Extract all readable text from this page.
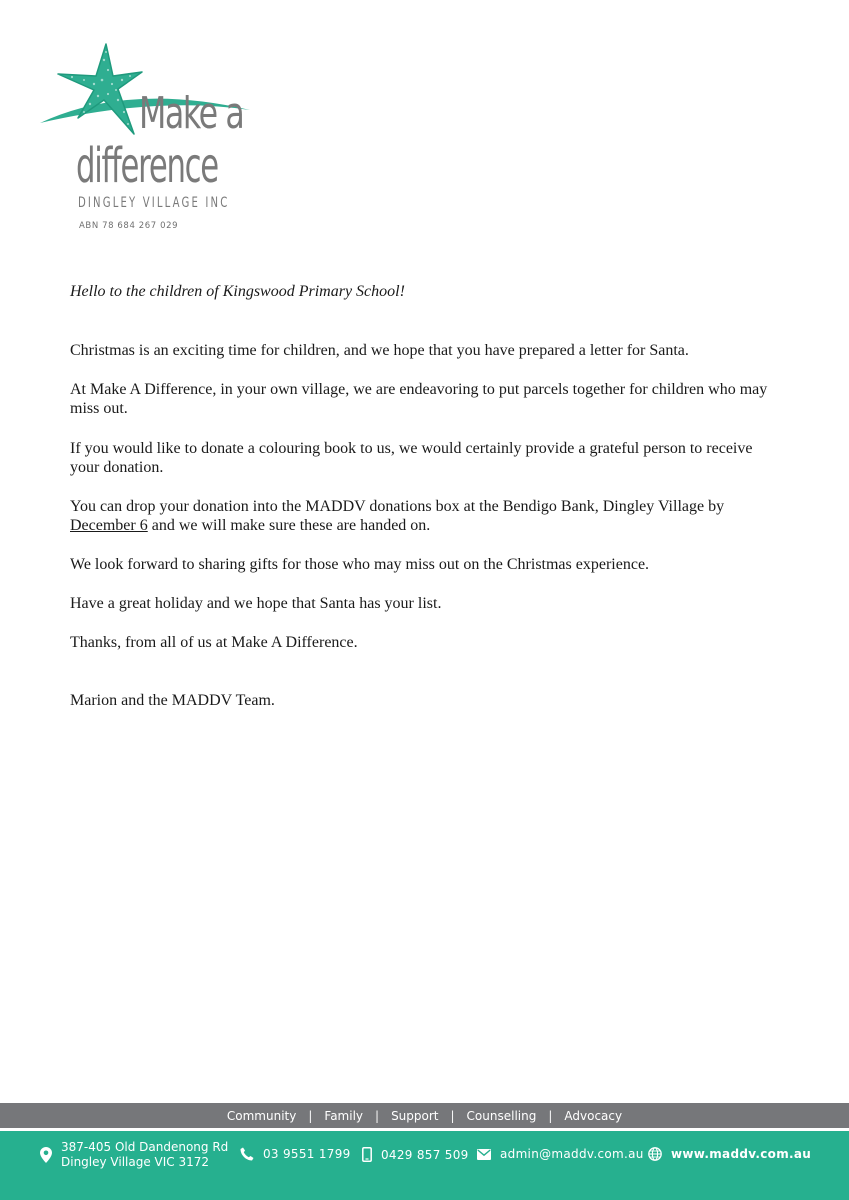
Make a
difference
DINGLEY VILLAGE INC
ABN 78 684 267 029

Hello to the children of Kingswood Primary School!

Christmas is an exciting time for children, and we hope that you have prepared a letter for Santa.

At Make A Difference, in your own village, we are endeavoring to put parcels together for children who may miss out.

If you would like to donate a colouring book to us, we would certainly provide a grateful person to receive your donation.

You can drop your donation into the MADDV donations box at the Bendigo Bank, Dingley Village by December 6 and we will make sure these are handed on.

We look forward to sharing gifts for those who may miss out on the Christmas experience.

Have a great holiday and we hope that Santa has your list.

Thanks, from all of us at Make A Difference.

Marion and the MADDV Team.

Community	|	Family	|	Support	|	Counselling	|	Advocacy
387-405 Old Dandenong Rd
Dingley Village VIC 3172
03 9551 1799	0429 857 509	admin@maddv.com.au www.maddv.com.au
